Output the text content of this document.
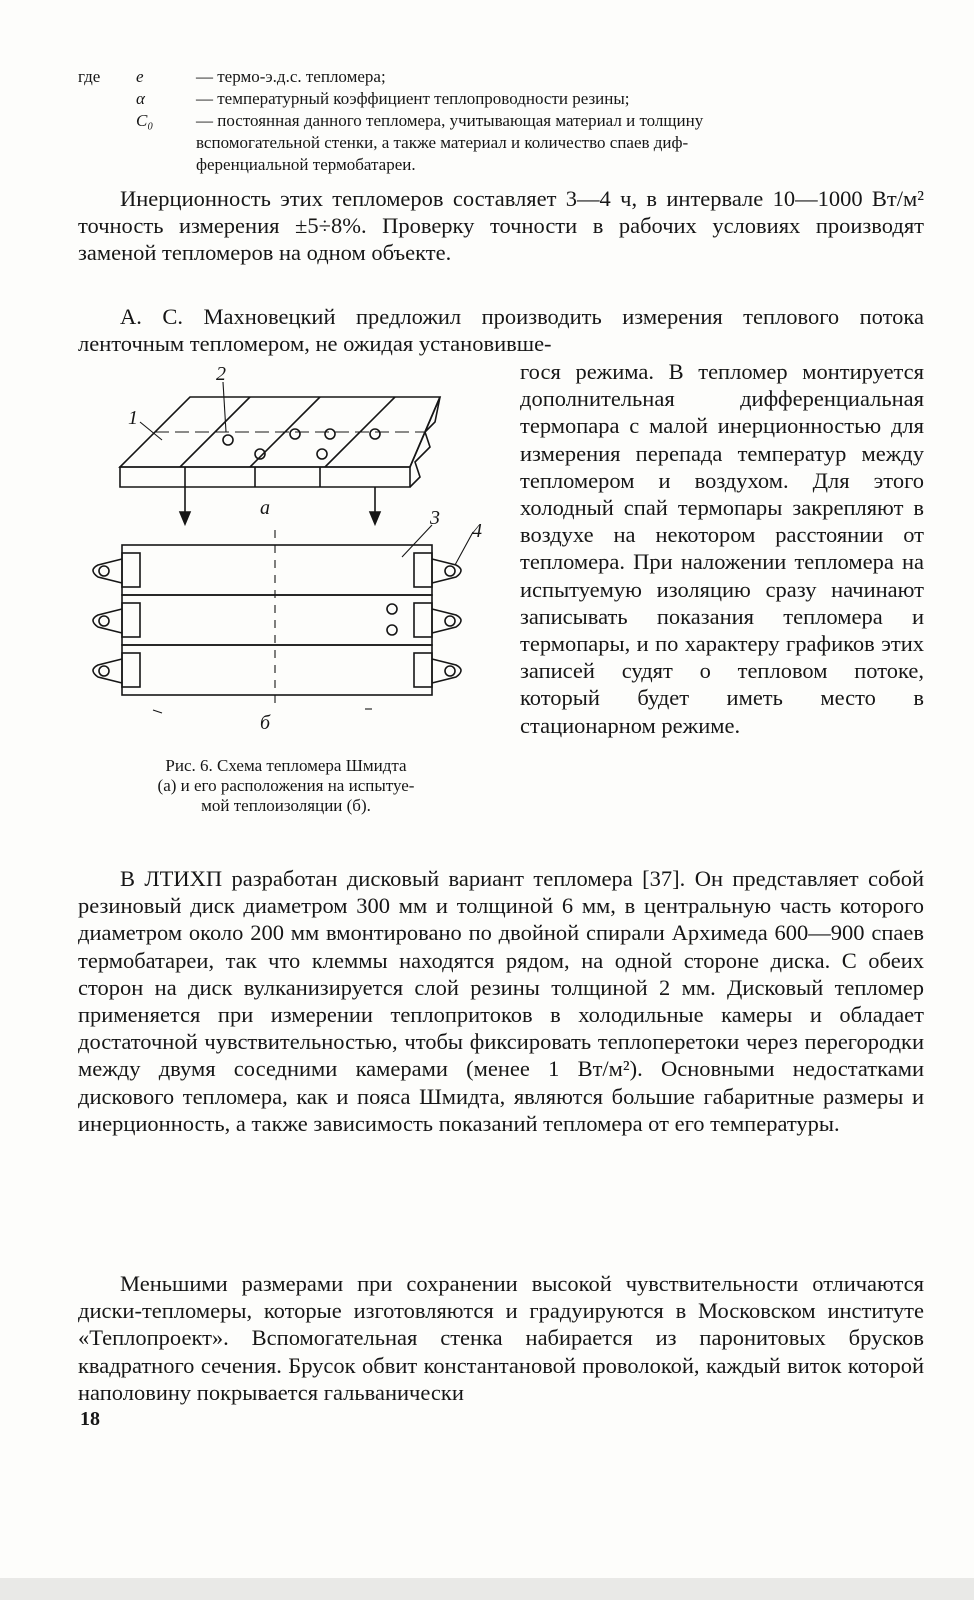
где	e	— термо-э.д.с. тепломера;
α	— температурный коэффициент теплопроводности резины;
C₀	— постоянная данного тепломера, учитывающая материал и толщину
вспомогательной стенки, а также материал и количество спаев диф-
ференциальной термобатареи.
Инерционность этих тепломеров составляет 3—4 ч, в интервале 10—1000 Вт/м² точность измерения ±5÷8%. Проверку точности в рабочих условиях производят заменой тепломеров на одном объекте.
А. С. Махновецкий предложил производить измерения теплового потока ленточным тепломером, не ожидая установивше-
гося режима. В тепломер монтируется дополнительная дифференциальная термопара с малой инерционностью для измерения перепада температур между тепломером и воздухом. Для этого холодный спай термопары закрепляют в воздухе на некотором расстоянии от тепломера. При наложении тепломера на испытуемую изоляцию сразу начинают записывать показания тепломера и термопары, и по характеру графиков этих записей судят о тепловом потоке, который будет иметь место в стационарном режиме.
1
2
а	3
4
б
Рис. 6. Схема тепломера Шмидта
(а) и его расположения на испытуе-
мой теплоизоляции (б).
В ЛТИХП разработан дисковый вариант тепломера [37]. Он представляет собой резиновый диск диаметром 300 мм и толщиной 6 мм, в центральную часть которого диаметром около 200 мм вмонтировано по двойной спирали Архимеда 600—900 спаев термобатареи, так что клеммы находятся рядом, на одной стороне диска. С обеих сторон на диск вулканизируется слой резины толщиной 2 мм. Дисковый тепломер применяется при измерении теплопритоков в холодильные камеры и обладает достаточной чувствительностью, чтобы фиксировать теплоперетоки через перегородки между двумя соседними камерами (менее 1 Вт/м²). Основными недостатками дискового тепломера, как и пояса Шмидта, являются большие габаритные размеры и инерционность, а также зависимость показаний тепломера от его температуры.
Меньшими размерами при сохранении высокой чувствительности отличаются диски-тепломеры, которые изготовляются и градуируются в Московском институте «Теплопроект». Вспомогательная стенка набирается из паронитовых брусков квадратного сечения. Брусок обвит константановой проволокой, каждый виток которой наполовину покрывается гальванически
18
